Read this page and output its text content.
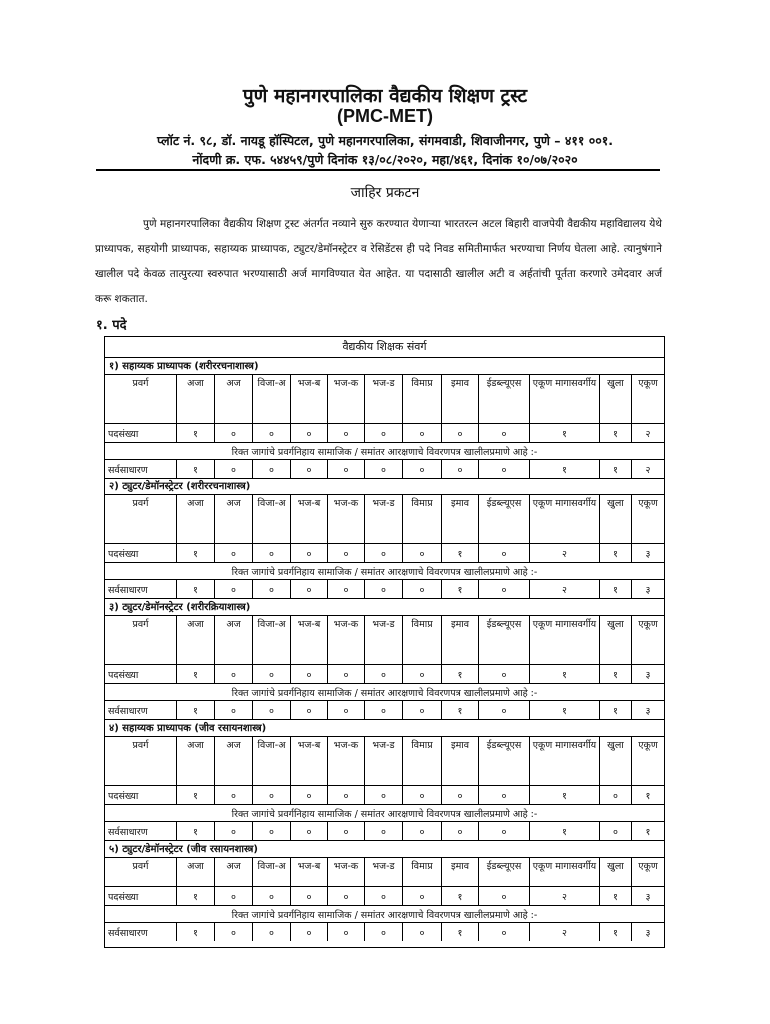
पुणे महानगरपालिका वैद्यकीय शिक्षण ट्रस्ट
(PMC-MET)
प्लॉट नं. ९८, डॉ. नायडू हॉस्पिटल, पुणे महानगरपालिका, संगमवाडी, शिवाजीनगर, पुणे – ४११ ००१.
नोंदणी क्र. एफ. ५४४५९/पुणे दिनांक १३/०८/२०२०, महा/४६१, दिनांक १०/०७/२०२०
जाहिर प्रकटन
पुणे महानगरपालिका वैद्यकीय शिक्षण ट्रस्ट अंतर्गत नव्याने सुरु करण्यात येणाऱ्या भारतरत्न अटल बिहारी वाजपेयी वैद्यकीय महाविद्यालय येथे प्राध्यापक, सहयोगी प्राध्यापक, सहाय्यक प्राध्यापक, ट्युटर/डेमॉनस्ट्रेटर व रेसिडेंटस ही पदे निवड समितीमार्फत भरण्याचा निर्णय घेतला आहे. त्यानुषंगाने खालील पदे केवळ तात्पुरत्या स्वरुपात भरण्यासाठी अर्ज मागविण्यात येत आहेत. या पदासाठी खालील अटी व अर्हतांची पूर्तता करणारे उमेदवार अर्ज करू शकतात.
१. पदे
वैद्यकीय शिक्षक संवर्ग
१) सहाय्यक प्राध्यापक (शरीररचनाशास्त्र)
प्रवर्ग	अजा	अज	विजा-अ	भज-ब	भज-क	भज-ड	विमाप्र	इमाव	ईडब्ल्यूएस	एकूण मागासवर्गीय	खुला	एकूण
पदसंख्या	१	०	०	०	०	०	०	०	०	१	१	२
रिक्त जागांचे प्रवर्गनिहाय सामाजिक / समांतर आरक्षणाचे विवरणपत्र खालीलप्रमाणे आहे :-
सर्वसाधारण	१	०	०	०	०	०	०	०	०	१	१	२
२) ट्युटर/डेमॉनस्ट्रेटर (शरीररचनाशास्त्र)
प्रवर्ग	अजा	अज	विजा-अ	भज-ब	भज-क	भज-ड	विमाप्र	इमाव	ईडब्ल्यूएस	एकूण मागासवर्गीय	खुला	एकूण
पदसंख्या	१	०	०	०	०	०	०	१	०	२	१	३
रिक्त जागांचे प्रवर्गनिहाय सामाजिक / समांतर आरक्षणाचे विवरणपत्र खालीलप्रमाणे आहे :-
सर्वसाधारण	१	०	०	०	०	०	०	१	०	२	१	३
३) ट्युटर/डेमॉनस्ट्रेटर (शरीरक्रियाशास्त्र)
प्रवर्ग	अजा	अज	विजा-अ	भज-ब	भज-क	भज-ड	विमाप्र	इमाव	ईडब्ल्यूएस	एकूण मागासवर्गीय	खुला	एकूण
पदसंख्या	१	०	०	०	०	०	०	१	०	१	१	३
रिक्त जागांचे प्रवर्गनिहाय सामाजिक / समांतर आरक्षणाचे विवरणपत्र खालीलप्रमाणे आहे :-
सर्वसाधारण	१	०	०	०	०	०	०	१	०	१	१	३
४) सहाय्यक प्राध्यापक (जीव रसायनशास्त्र)
प्रवर्ग	अजा	अज	विजा-अ	भज-ब	भज-क	भज-ड	विमाप्र	इमाव	ईडब्ल्यूएस	एकूण मागासवर्गीय	खुला	एकूण
पदसंख्या	१	०	०	०	०	०	०	०	०	१	०	१
रिक्त जागांचे प्रवर्गनिहाय सामाजिक / समांतर आरक्षणाचे विवरणपत्र खालीलप्रमाणे आहे :-
सर्वसाधारण	१	०	०	०	०	०	०	०	०	१	०	१
५) ट्युटर/डेमॉनस्ट्रेटर (जीव रसायनशास्त्र)
प्रवर्ग	अजा	अज	विजा-अ	भज-ब	भज-क	भज-ड	विमाप्र	इमाव	ईडब्ल्यूएस	एकूण मागासवर्गीय	खुला	एकूण
पदसंख्या	१	०	०	०	०	०	०	१	०	२	१	३
रिक्त जागांचे प्रवर्गनिहाय सामाजिक / समांतर आरक्षणाचे विवरणपत्र खालीलप्रमाणे आहे :-
सर्वसाधारण	१	०	०	०	०	०	०	१	०	२	१	३
